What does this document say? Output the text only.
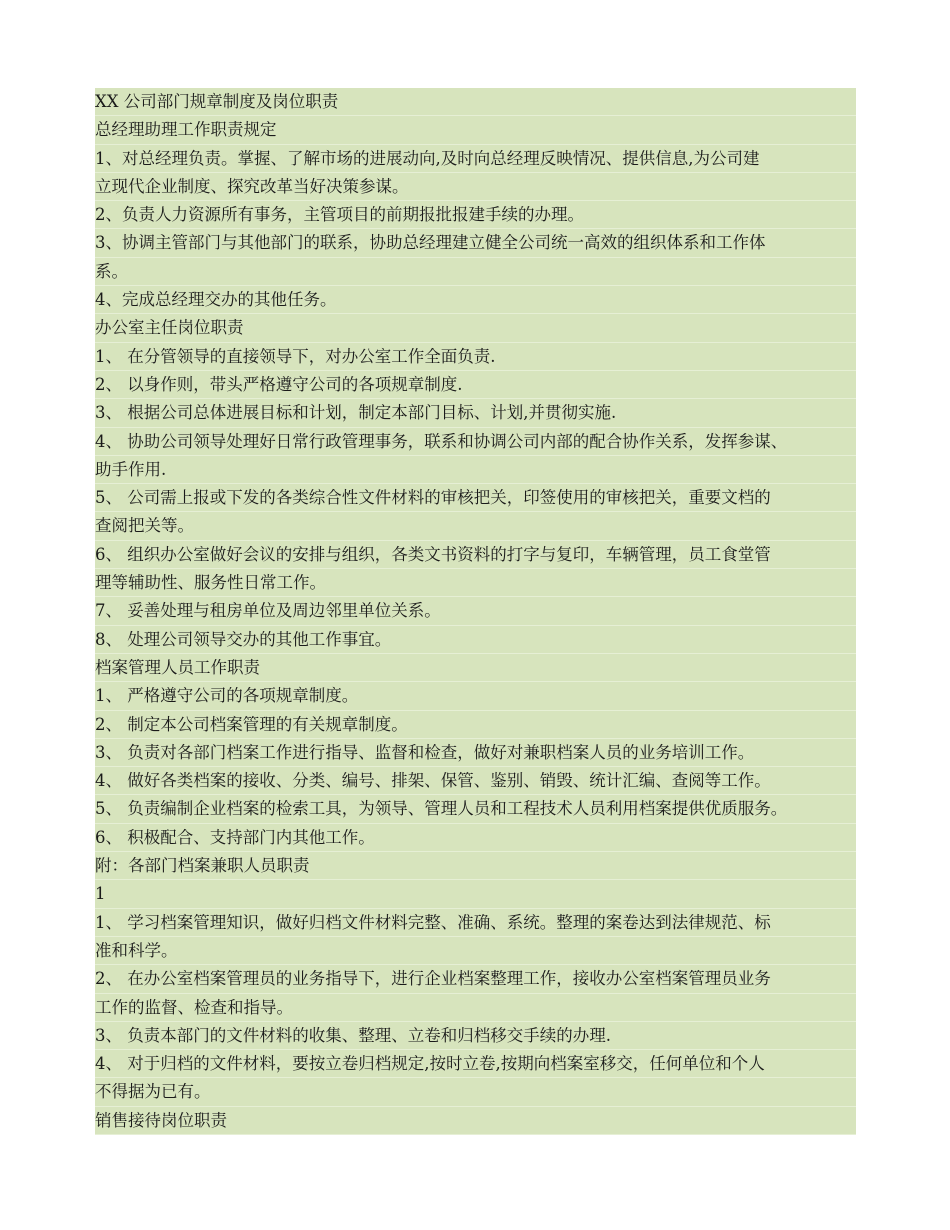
XX 公司部门规章制度及岗位职责
总经理助理工作职责规定
1、对总经理负责。掌握、了解市场的进展动向,及时向总经理反映情况、提供信息,为公司建
立现代企业制度、探究改革当好决策参谋。
2、负责人力资源所有事务，主管项目的前期报批报建手续的办理。
3、协调主管部门与其他部门的联系，协助总经理建立健全公司统一高效的组织体系和工作体
系。
4、完成总经理交办的其他任务。
办公室主任岗位职责
1、 在分管领导的直接领导下，对办公室工作全面负责.
2、 以身作则，带头严格遵守公司的各项规章制度.
3、 根据公司总体进展目标和计划，制定本部门目标、计划,并贯彻实施.
4、 协助公司领导处理好日常行政管理事务，联系和协调公司内部的配合协作关系，发挥参谋、
助手作用.
5、 公司需上报或下发的各类综合性文件材料的审核把关，印签使用的审核把关，重要文档的
查阅把关等。
6、 组织办公室做好会议的安排与组织，各类文书资料的打字与复印，车辆管理，员工食堂管
理等辅助性、服务性日常工作。
7、 妥善处理与租房单位及周边邻里单位关系。
8、 处理公司领导交办的其他工作事宜。
档案管理人员工作职责
1、 严格遵守公司的各项规章制度。
2、 制定本公司档案管理的有关规章制度。
3、 负责对各部门档案工作进行指导、监督和检查，做好对兼职档案人员的业务培训工作。
4、 做好各类档案的接收、分类、编号、排架、保管、鉴别、销毁、统计汇编、查阅等工作。
5、 负责编制企业档案的检索工具，为领导、管理人员和工程技术人员利用档案提供优质服务。
6、 积极配合、支持部门内其他工作。
附：各部门档案兼职人员职责
1
1、 学习档案管理知识，做好归档文件材料完整、准确、系统。整理的案卷达到法律规范、标
准和科学。
2、 在办公室档案管理员的业务指导下，进行企业档案整理工作，接收办公室档案管理员业务
工作的监督、检查和指导。
3、 负责本部门的文件材料的收集、整理、立卷和归档移交手续的办理.
4、 对于归档的文件材料，要按立卷归档规定,按时立卷,按期向档案室移交，任何单位和个人
不得据为已有。
销售接待岗位职责
